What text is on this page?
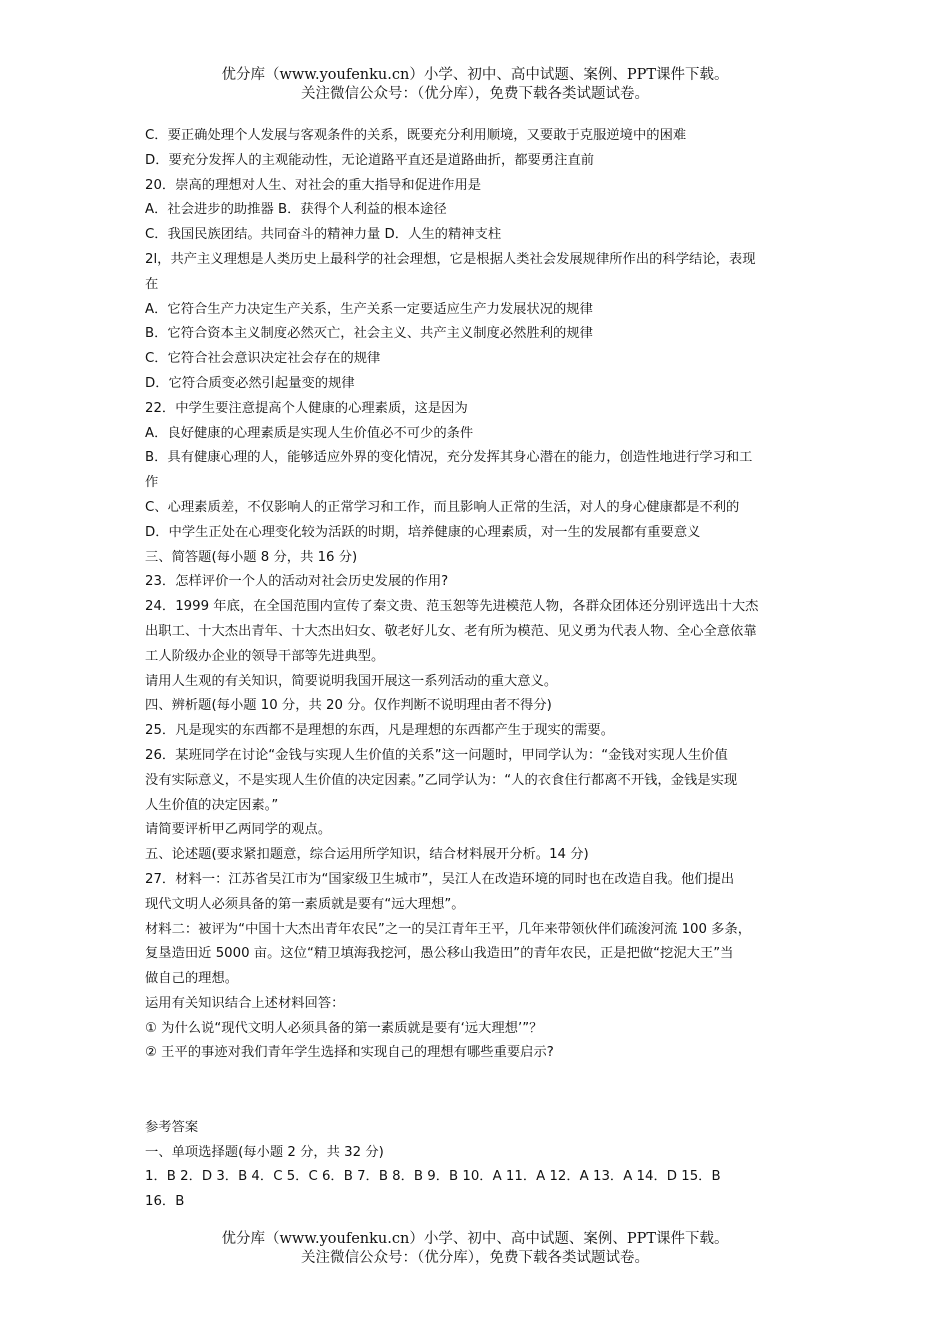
优分库（www.youfenku.cn）小学、初中、高中试题、案例、PPT课件下载。
关注微信公众号：（优分库），免费下载各类试题试卷。
C．要正确处理个人发展与客观条件的关系，既要充分利用顺境，又要敢于克服逆境中的困难
D．要充分发挥人的主观能动性，无论道路平直还是道路曲折，都要勇注直前
20．崇高的理想对人生、对社会的重大指导和促进作用是
A．社会进步的助推器 B．获得个人利益的根本途径
C．我国民族团结。共同奋斗的精神力量 D．人生的精神支柱
2l，共产主义理想是人类历史上最科学的社会理想，它是根据人类社会发展规律所作出的科学结论，表现
在
A．它符合生产力决定生产关系，生产关系一定要适应生产力发展状况的规律
B．它符合资本主义制度必然灭亡，社会主义、共产主义制度必然胜利的规律
C．它符合社会意识决定社会存在的规律
D．它符合质变必然引起量变的规律
22．中学生要注意提高个人健康的心理素质，这是因为
A．良好健康的心理素质是实现人生价值必不可少的条件
B．具有健康心理的人，能够适应外界的变化情况，充分发挥其身心潜在的能力，创造性地进行学习和工
作
C、心理素质差，不仅影响人的正常学习和工作，而且影响人正常的生活，对人的身心健康都是不利的
D．中学生正处在心理变化较为活跃的时期，培养健康的心理素质，对一生的发展都有重要意义
三、简答题(每小题 8 分，共 16 分)
23．怎样评价一个人的活动对社会历史发展的作用?
24．1999 年底，在全国范围内宣传了秦文贵、范玉恕等先进模范人物，各群众团体还分别评选出十大杰
出职工、十大杰出青年、十大杰出妇女、敬老好儿女、老有所为模范、见义勇为代表人物、全心全意依靠
工人阶级办企业的领导干部等先进典型。
请用人生观的有关知识，简要说明我国开展这一系列活动的重大意义。
四、辨析题(每小题 10 分，共 20 分。仅作判断不说明理由者不得分)
25．凡是现实的东西都不是理想的东西，凡是理想的东西都产生于现实的需要。
26．某班同学在讨论“金钱与实现人生价值的关系”这一问题时，甲同学认为：“金钱对实现人生价值
没有实际意义，不是实现人生价值的决定因素。”乙同学认为：“人的衣食住行都离不开钱，金钱是实现
人生价值的决定因素。”
请简要评析甲乙两同学的观点。
五、论述题(要求紧扣题意，综合运用所学知识，结合材料展开分析。14 分)
27．材料一：江苏省吴江市为“国家级卫生城市”，吴江人在改造环境的同时也在改造自我。他们提出
现代文明人必须具备的第一素质就是要有“远大理想”。
材料二：被评为“中国十大杰出青年农民”之一的吴江青年王平，几年来带领伙伴们疏浚河流 100 多条，
复垦造田近 5000 亩。这位“精卫填海我挖河，愚公移山我造田”的青年农民，正是把做“挖泥大王”当
做自己的理想。
运用有关知识结合上述材料回答：
① 为什么说“现代文明人必须具备的第一素质就是要有‘远大理想’”？
② 王平的事迹对我们青年学生选择和实现自己的理想有哪些重要启示?
参考答案
一、单项选择题(每小题 2 分，共 32 分)
1．B 2．D 3．B 4．C 5．C 6．B 7．B 8．B 9．B 10．A 11．A 12．A 13．A 14．D 15．B
16．B
优分库（www.youfenku.cn）小学、初中、高中试题、案例、PPT课件下载。
关注微信公众号：（优分库），免费下载各类试题试卷。
